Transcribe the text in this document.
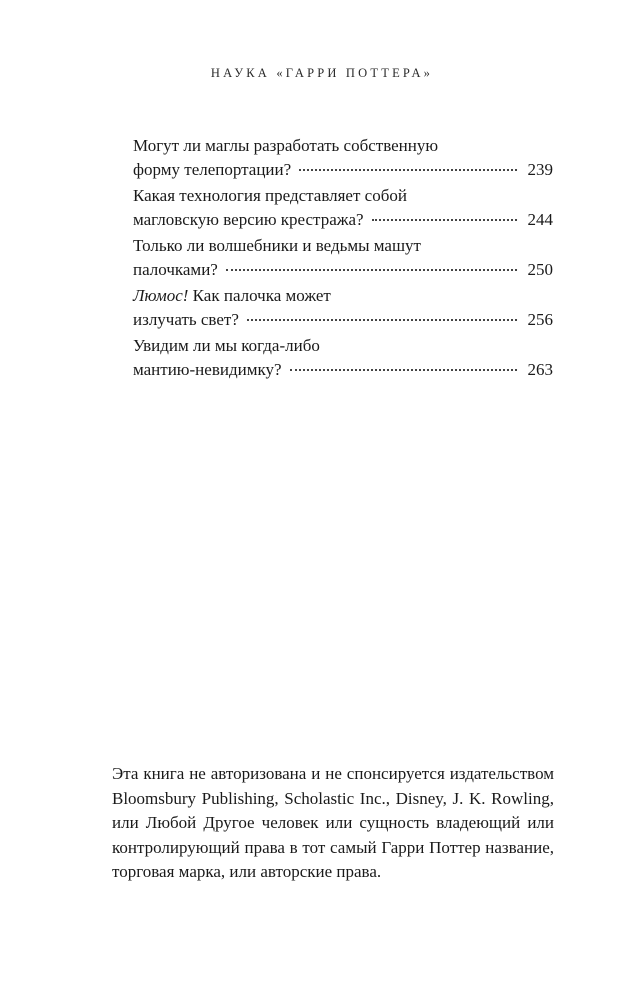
НАУКА «ГАРРИ ПОТТЕРА»
Могут ли маглы разработать собственную
форму телепортации?	239
Какая технология представляет собой
магловскую версию крестража?	244
Только ли волшебники и ведьмы машут
палочками?	250
Люмос! Как палочка может
излучать свет?	256
Увидим ли мы когда-либо
мантию-невидимку?	263
Эта книга не авторизована и не спонсируется издательством Bloomsbury Publishing, Scholastic Inc., Disney, J. K. Rowling, или Любой Другое человек или сущность владеющий или контролирующий права в тот самый Гарри Поттер название, торговая марка, или авторские права.
